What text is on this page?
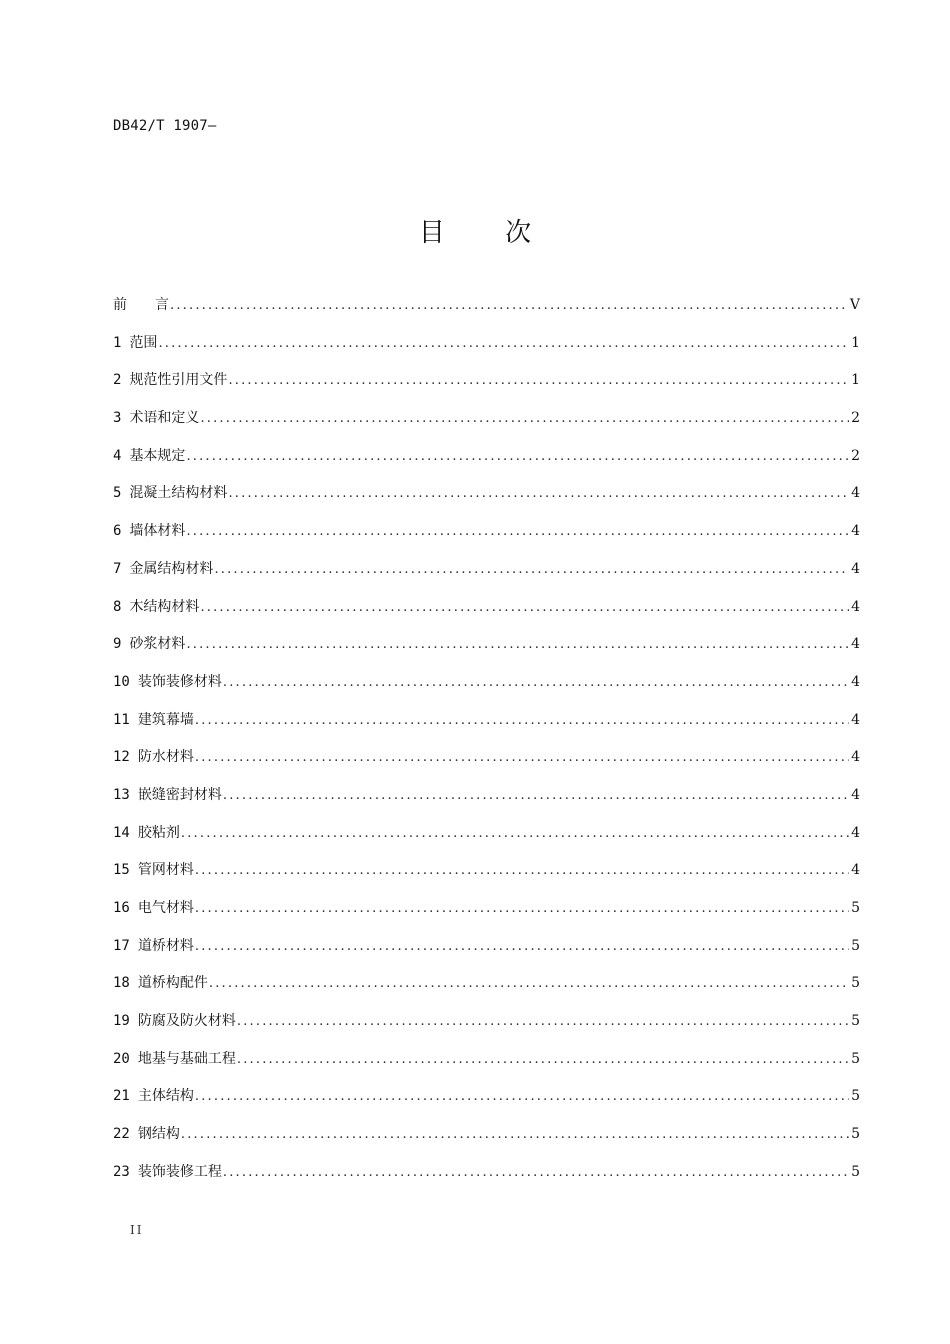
DB42/T 1907—
目 次
前　　言 .....	V
1 范围 .....	1
2 规范性引用文件 .....	1
3 术语和定义 .....	2
4 基本规定 .....	2
5 混凝土结构材料 .....	4
6 墙体材料 .....	4
7 金属结构材料 .....	4
8 木结构材料 .....	4
9 砂浆材料 .....	4
10 装饰装修材料 .....	4
11 建筑幕墙 .....	4
12 防水材料 .....	4
13 嵌缝密封材料 .....	4
14 胶粘剂 .....	4
15 管网材料 .....	4
16 电气材料 .....	5
17 道桥材料 .....	5
18 道桥构配件 .....	5
19 防腐及防火材料 .....	5
20 地基与基础工程 .....	5
21 主体结构 .....	5
22 钢结构 .....	5
23 装饰装修工程 .....	5
II
